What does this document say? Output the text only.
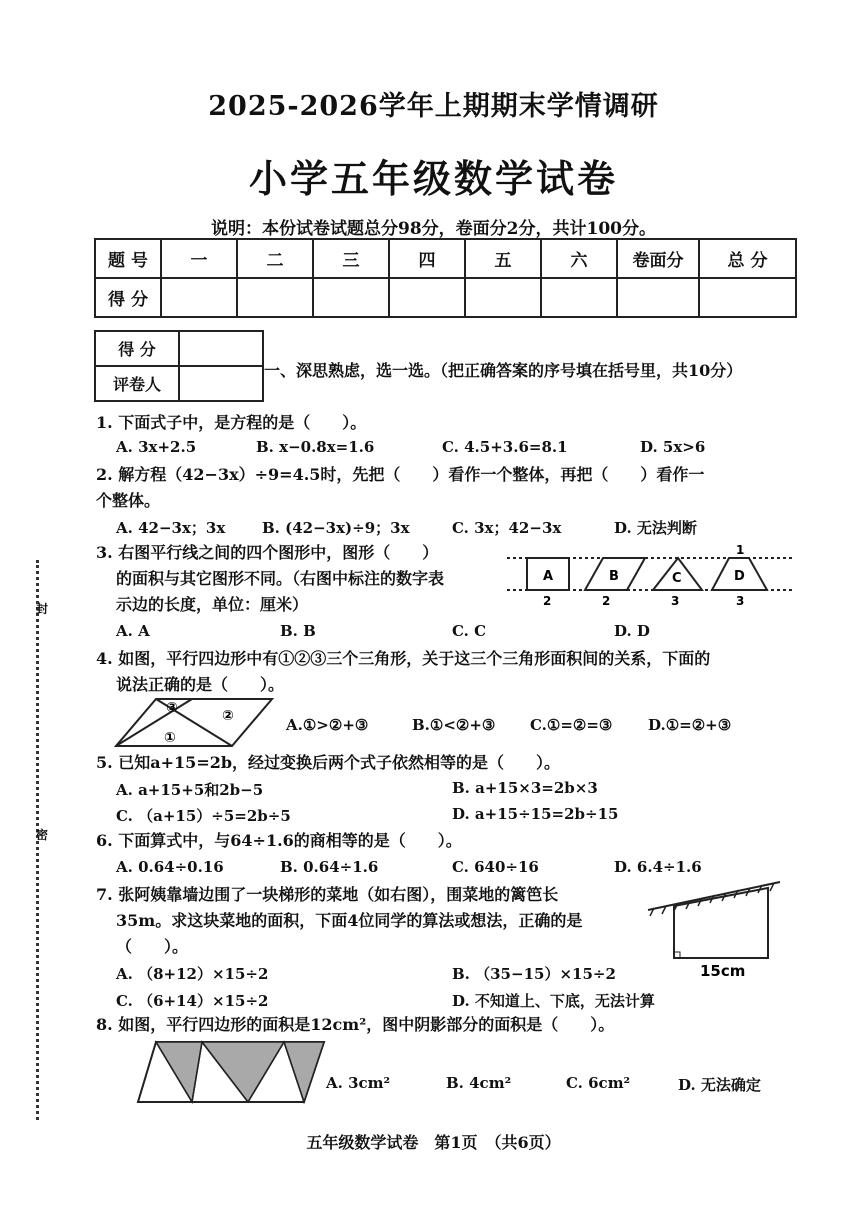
2025-2026学年上期期末学情调研
小学五年级数学试卷
说明：本份试卷试题总分98分，卷面分2分，共计100分。
题 号	一	二	三	四	五	六	卷面分	总 分
得 分								
得 分	
评卷人	
一、深思熟虑，选一选。（把正确答案的序号填在括号里，共10分）
1. 下面式子中，是方程的是（　　）。
A. 3x+2.5	B. x−0.8x=1.6	C. 4.5+3.6=8.1	D. 5x>6
2. 解方程（42−3x）÷9=4.5时，先把（　　）看作一个整体，再把（　　）看作一
个整体。
A. 42−3x；3x B. (42−3x)÷9；3x	C. 3x；42−3x	D. 无法判断
3. 右图平行线之间的四个图形中，图形（　　）
的面积与其它图形不同。（右图中标注的数字表
示边的长度，单位：厘米）
A	B	C	D
2	2	3	3
1
A. A	B. B	C. C	D. D
4. 如图，平行四边形中有①②③三个三角形，关于这三个三角形面积间的关系，下面的
说法正确的是（　　）。
③	②
①
A.①>②+③	B.①<②+③ C.①=②=③ D.①=②+③
5. 已知a+15=2b，经过变换后两个式子依然相等的是（　　）。
A. a+15+5和2b−5	B. a+15×3=2b×3
C. （a+15）÷5=2b÷5	D. a+15÷15=2b÷15
6. 下面算式中，与64÷1.6的商相等的是（　　）。
A. 0.64÷0.16	B. 0.64÷1.6	C. 640÷16	D. 6.4÷1.6
7. 张阿姨靠墙边围了一块梯形的菜地（如右图），围菜地的篱笆长
35m。求这块菜地的面积，下面4位同学的算法或想法，正确的是
（　　）。
15cm
A. （8+12）×15÷2	B. （35−15）×15÷2
C. （6+14）×15÷2	D. 不知道上、下底，无法计算
8. 如图，平行四边形的面积是12cm²，图中阴影部分的面积是（　　）。
A. 3cm²	B. 4cm²	C. 6cm²	D. 无法确定
封
密
五年级数学试卷　第1页　（共6页）
